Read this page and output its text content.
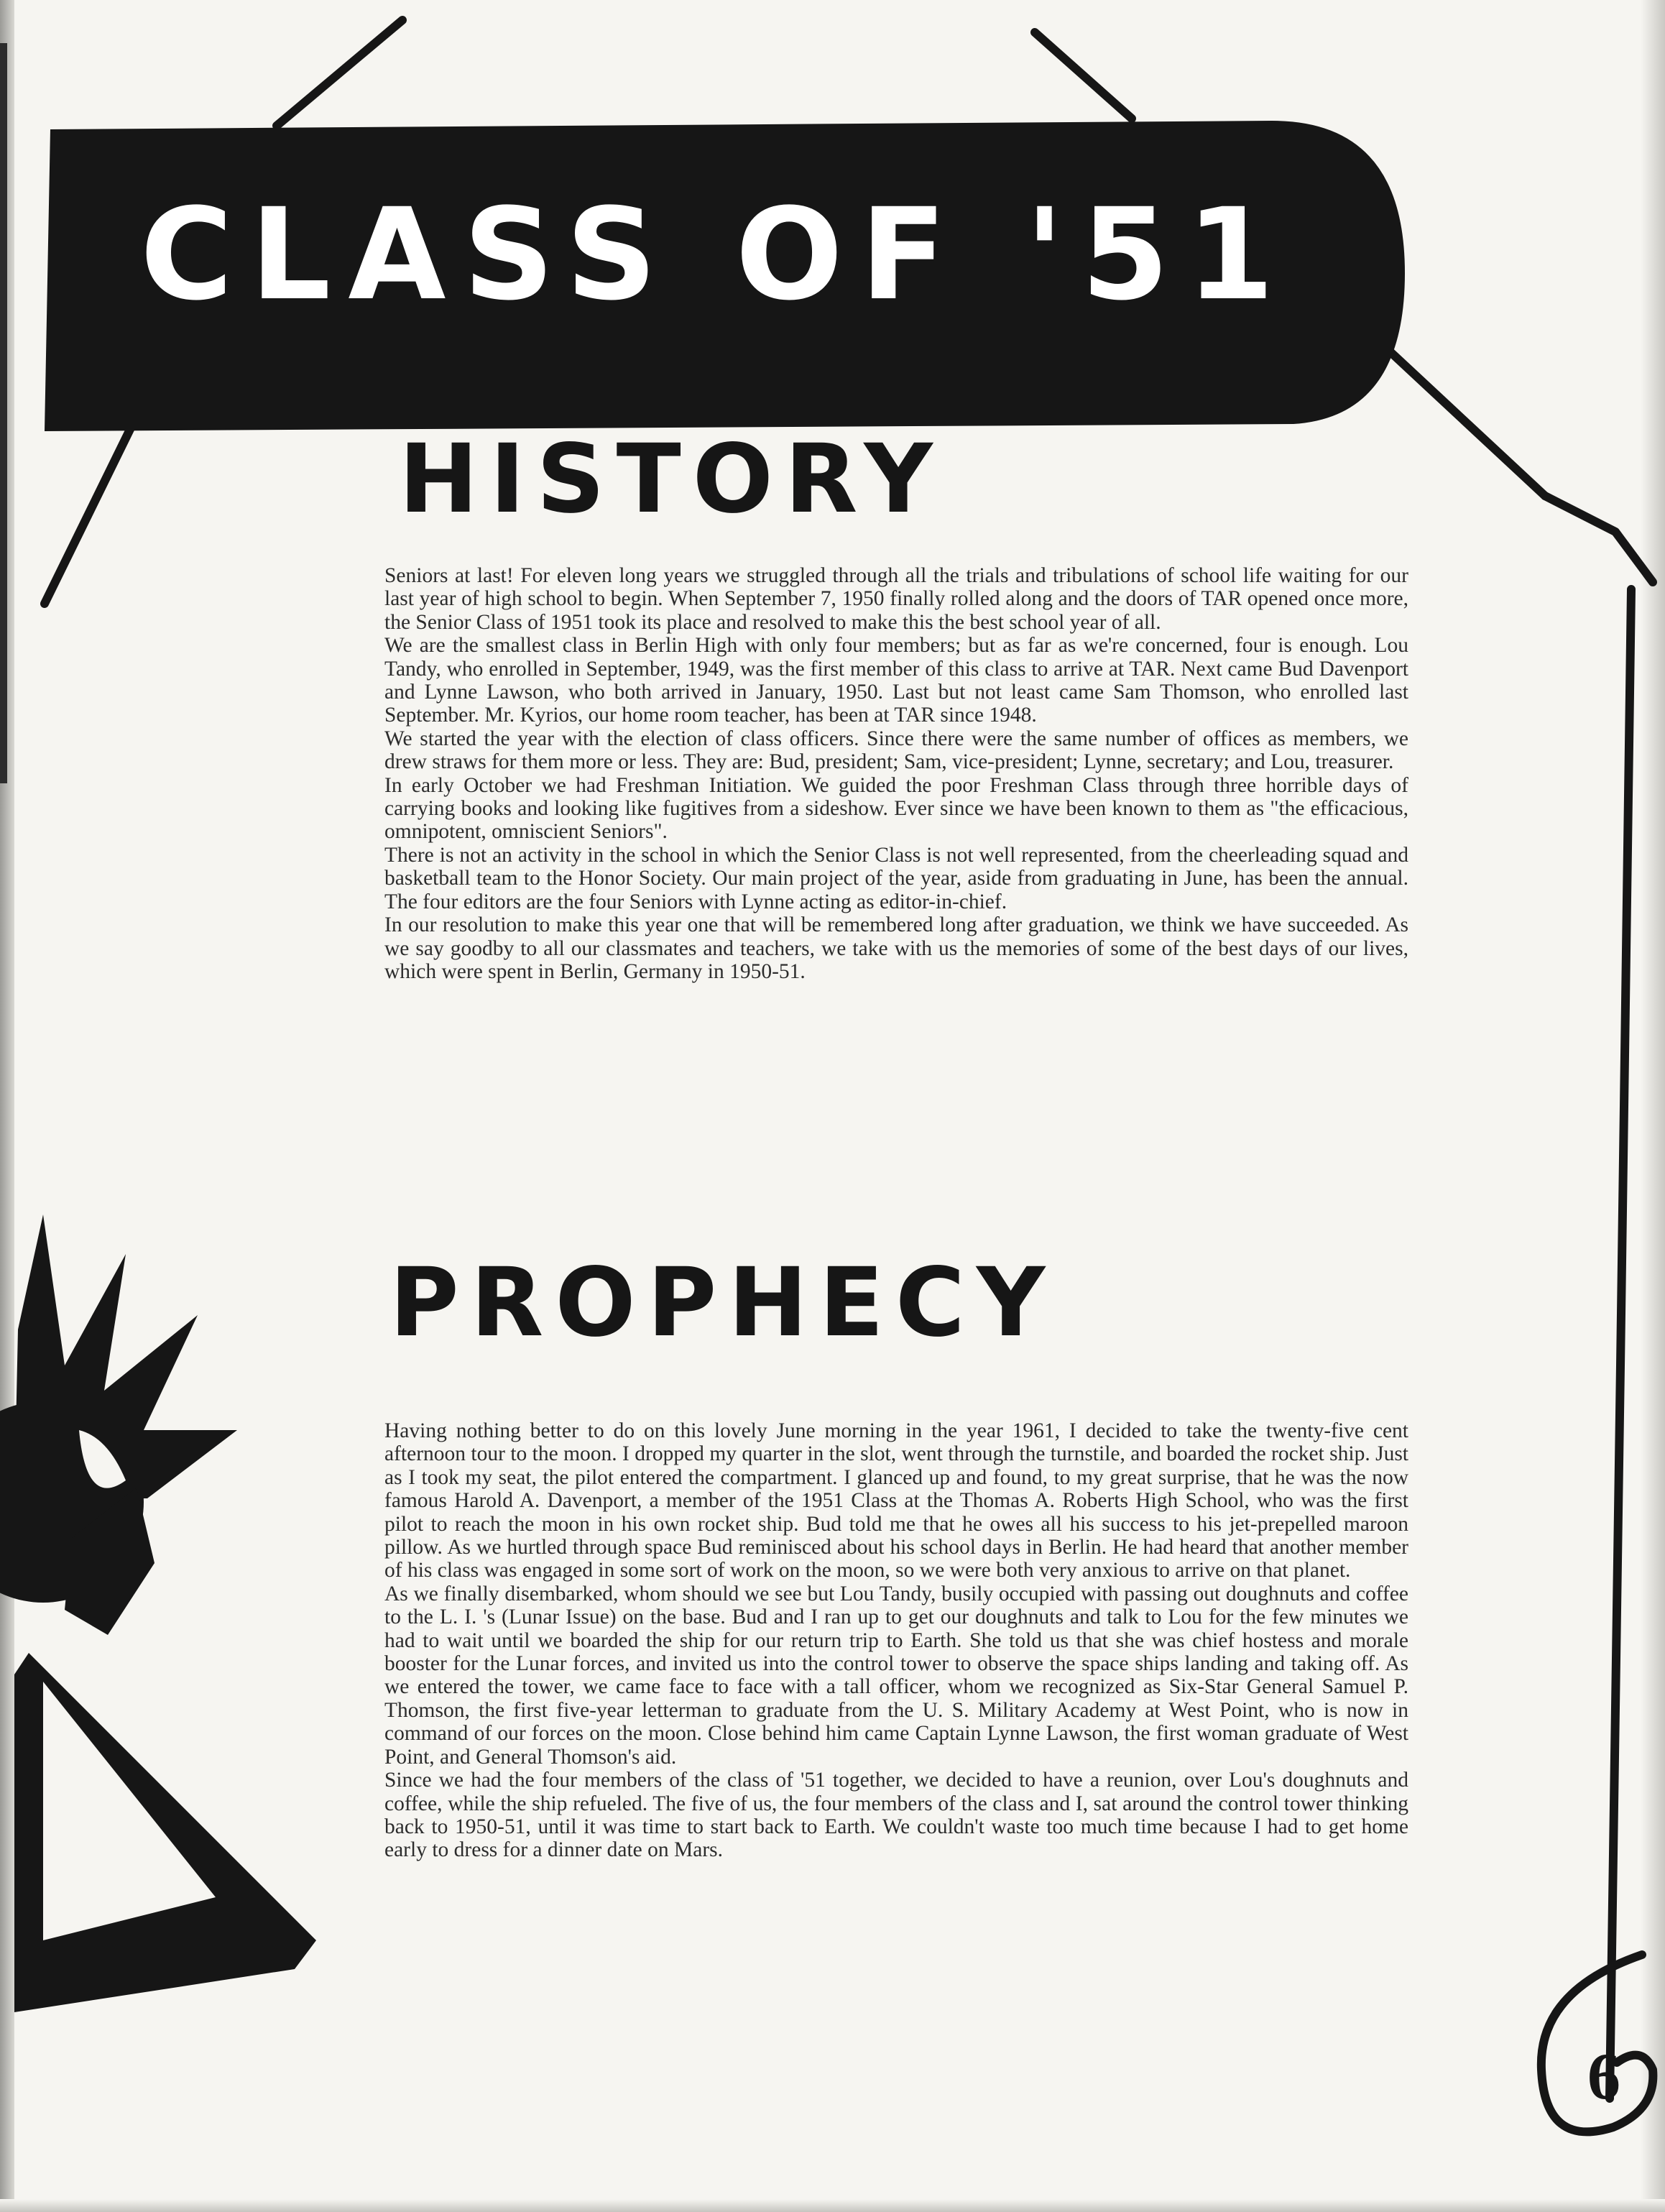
CLASS OF '51
HISTORY

Seniors at last! For eleven long years we struggled through all the trials and tribulations of school life waiting for our last year of high school to begin. When September 7, 1950 finally rolled along and the doors of TAR opened once more, the Senior Class of 1951 took its place and resolved to make this the best school year of all.

We are the smallest class in Berlin High with only four members; but as far as we're concerned, four is enough. Lou Tandy, who enrolled in September, 1949, was the first member of this class to arrive at TAR. Next came Bud Davenport and Lynne Lawson, who both arrived in January, 1950. Last but not least came Sam Thomson, who enrolled last September. Mr. Kyrios, our home room teacher, has been at TAR since 1948.

We started the year with the election of class officers. Since there were the same number of offices as members, we drew straws for them more or less. They are: Bud, president; Sam, vice-president; Lynne, secretary; and Lou, treasurer.

In early October we had Freshman Initiation. We guided the poor Freshman Class through three horrible days of carrying books and looking like fugitives from a sideshow. Ever since we have been known to them as "the efficacious, omnipotent, omniscient Seniors".

There is not an activity in the school in which the Senior Class is not well represented, from the cheerleading squad and basketball team to the Honor Society. Our main project of the year, aside from graduating in June, has been the annual. The four editors are the four Seniors with Lynne acting as editor-in-chief.

In our resolution to make this year one that will be remembered long after graduation, we think we have succeeded. As we say goodby to all our classmates and teachers, we take with us the memories of some of the best days of our lives, which were spent in Berlin, Germany in 1950-51.

PROPHECY

Having nothing better to do on this lovely June morning in the year 1961, I decided to take the twenty-five cent afternoon tour to the moon. I dropped my quarter in the slot, went through the turnstile, and boarded the rocket ship. Just as I took my seat, the pilot entered the compartment. I glanced up and found, to my great surprise, that he was the now famous Harold A. Davenport, a member of the 1951 Class at the Thomas A. Roberts High School, who was the first pilot to reach the moon in his own rocket ship. Bud told me that he owes all his success to his jet-prepelled maroon pillow. As we hurtled through space Bud reminisced about his school days in Berlin. He had heard that another member of his class was engaged in some sort of work on the moon, so we were both very anxious to arrive on that planet.

As we finally disembarked, whom should we see but Lou Tandy, busily occupied with passing out doughnuts and coffee to the L. I. 's (Lunar Issue) on the base. Bud and I ran up to get our doughnuts and talk to Lou for the few minutes we had to wait until we boarded the ship for our return trip to Earth. She told us that she was chief hostess and morale booster for the Lunar forces, and invited us into the control tower to observe the space ships landing and taking off. As we entered the tower, we came face to face with a tall officer, whom we recognized as Six-Star General Samuel P. Thomson, the first five-year letterman to graduate from the U. S. Military Academy at West Point, who is now in command of our forces on the moon. Close behind him came Captain Lynne Lawson, the first woman graduate of West Point, and General Thomson's aid.

Since we had the four members of the class of '51 together, we decided to have a reunion, over Lou's doughnuts and coffee, while the ship refueled. The five of us, the four members of the class and I, sat around the control tower thinking back to 1950-51, until it was time to start back to Earth. We couldn't waste too much time because I had to get home early to dress for a dinner date on Mars.

6
